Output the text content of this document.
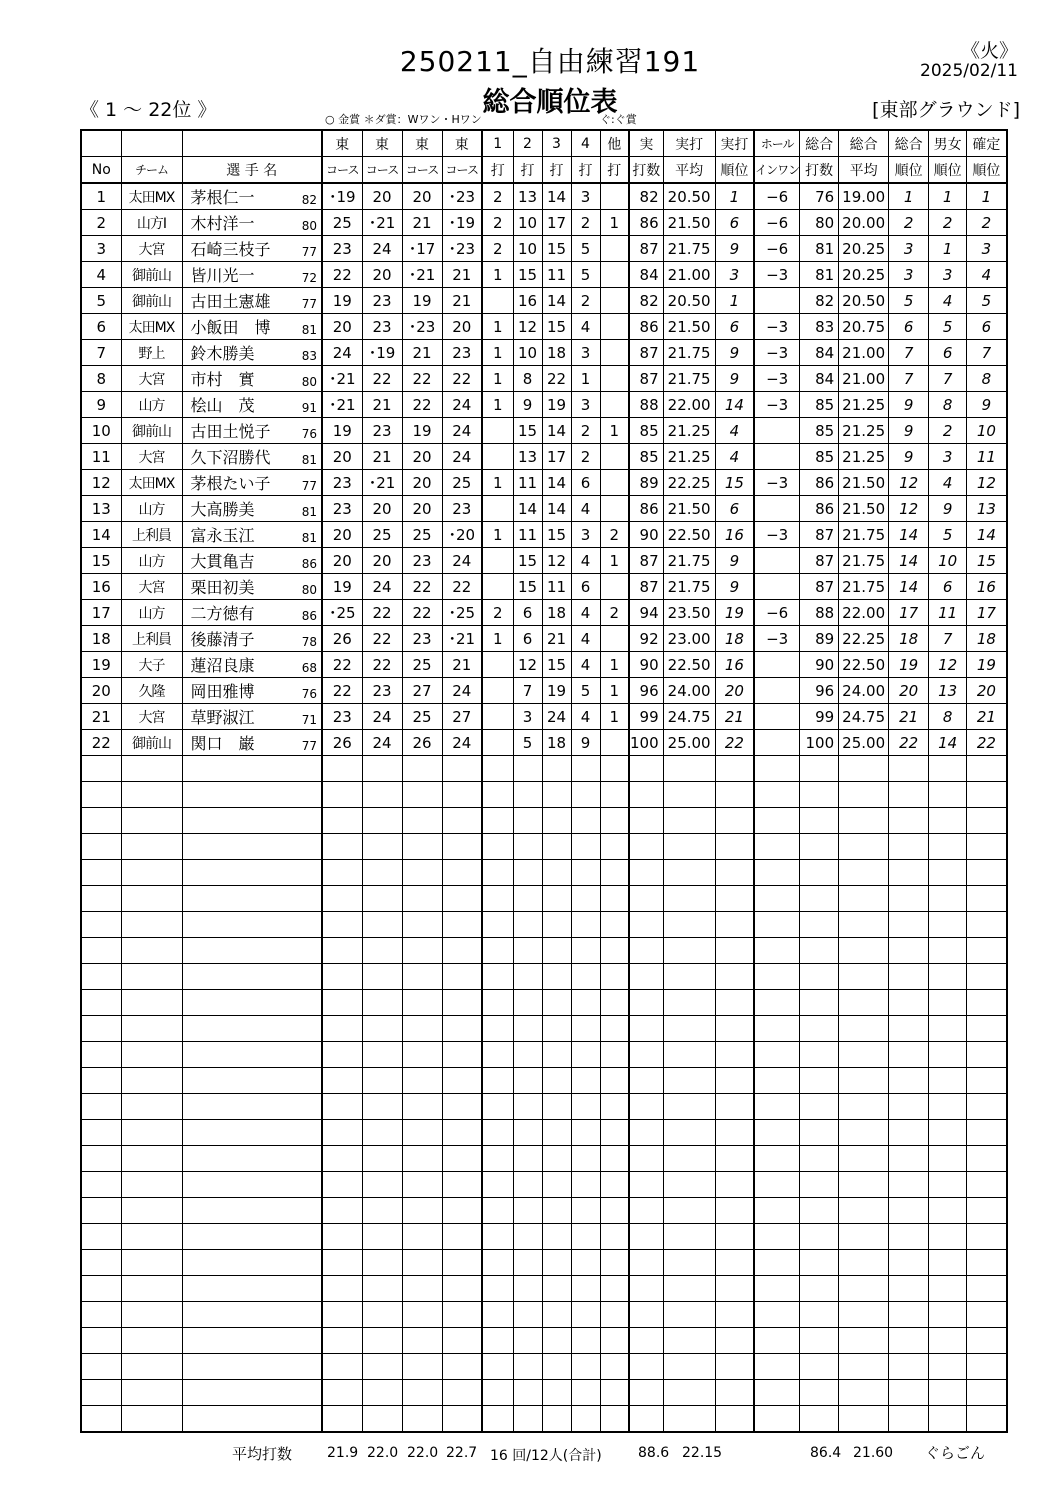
250211_自由練習191
総合順位表
《火》
2025/02/11
《 1 ～ 22位 》	[東部グラウンド]
○ 金賞 ＊ダ賞：Wワン・Hワン	ぐ:ぐ賞
			東	東	東	東	1	2	3	4	他	実	実打	実打	ホール	総合	総合	総合	男女	確定
No	チーム	選 手 名	コース	コース	コース	コース	打	打	打	打	打	打数	平均	順位	インワン	打数	平均	順位	順位	順位
1	太田MX	茅根仁一 82	･19	20	20	･23	2	13	14	3		82	20.50	1	−6	76	19.00	1	1	1
2	山方Ⅰ	木村洋一 80	25	･21	21	･19	2	10	17	2	1	86	21.50	6	−6	80	20.00	2	2	2
3	大宮	石崎三枝子 77	23	24	･17	･23	2	10	15	5		87	21.75	9	−6	81	20.25	3	1	3
4	御前山	皆川光一 72	22	20	･21	21	1	15	11	5		84	21.00	3	−3	81	20.25	3	3	4
5	御前山	古田土憲雄 77	19	23	19	21		16	14	2		82	20.50	1		82	20.50	5	4	5
6	太田MX	小飯田　博 81	20	23	･23	20	1	12	15	4		86	21.50	6	−3	83	20.75	6	5	6
7	野上	鈴木勝美 83	24	･19	21	23	1	10	18	3		87	21.75	9	−3	84	21.00	7	6	7
8	大宮	市村　實 80	･21	22	22	22	1	8	22	1		87	21.75	9	−3	84	21.00	7	7	8
9	山方	桧山　茂 91	･21	21	22	24	1	9	19	3		88	22.00	14	−3	85	21.25	9	8	9
10	御前山	古田土悦子 76	19	23	19	24		15	14	2	1	85	21.25	4		85	21.25	9	2	10
11	大宮	久下沼勝代 81	20	21	20	24		13	17	2		85	21.25	4		85	21.25	9	3	11
12	太田MX	茅根たい子 77	23	･21	20	25	1	11	14	6		89	22.25	15	−3	86	21.50	12	4	12
13	山方	大高勝美 81	23	20	20	23		14	14	4		86	21.50	6		86	21.50	12	9	13
14	上利員	富永玉江 81	20	25	25	･20	1	11	15	3	2	90	22.50	16	−3	87	21.75	14	5	14
15	山方	大貫亀吉 86	20	20	23	24		15	12	4	1	87	21.75	9		87	21.75	14	10	15
16	大宮	栗田初美 80	19	24	22	22		15	11	6		87	21.75	9		87	21.75	14	6	16
17	山方	二方徳有 86	･25	22	22	･25	2	6	18	4	2	94	23.50	19	−6	88	22.00	17	11	17
18	上利員	後藤清子 78	26	22	23	･21	1	6	21	4		92	23.00	18	−3	89	22.25	18	7	18
19	大子	蓮沼良康 68	22	22	25	21		12	15	4	1	90	22.50	16		90	22.50	19	12	19
20	久隆	岡田雅博 76	22	23	27	24		7	19	5	1	96	24.00	20		96	24.00	20	13	20
21	大宮	草野淑江 71	23	24	25	27		3	24	4	1	99	24.75	21		99	24.75	21	8	21
22	御前山	関口　巌 77	26	24	26	24		5	18	9		100	25.00	22		100	25.00	22	14	22

平均打数 21.9 22.0 22.0 22.7 16 回/12人(合計)	88.6 22.15	86.4 21.60 ぐらごん
